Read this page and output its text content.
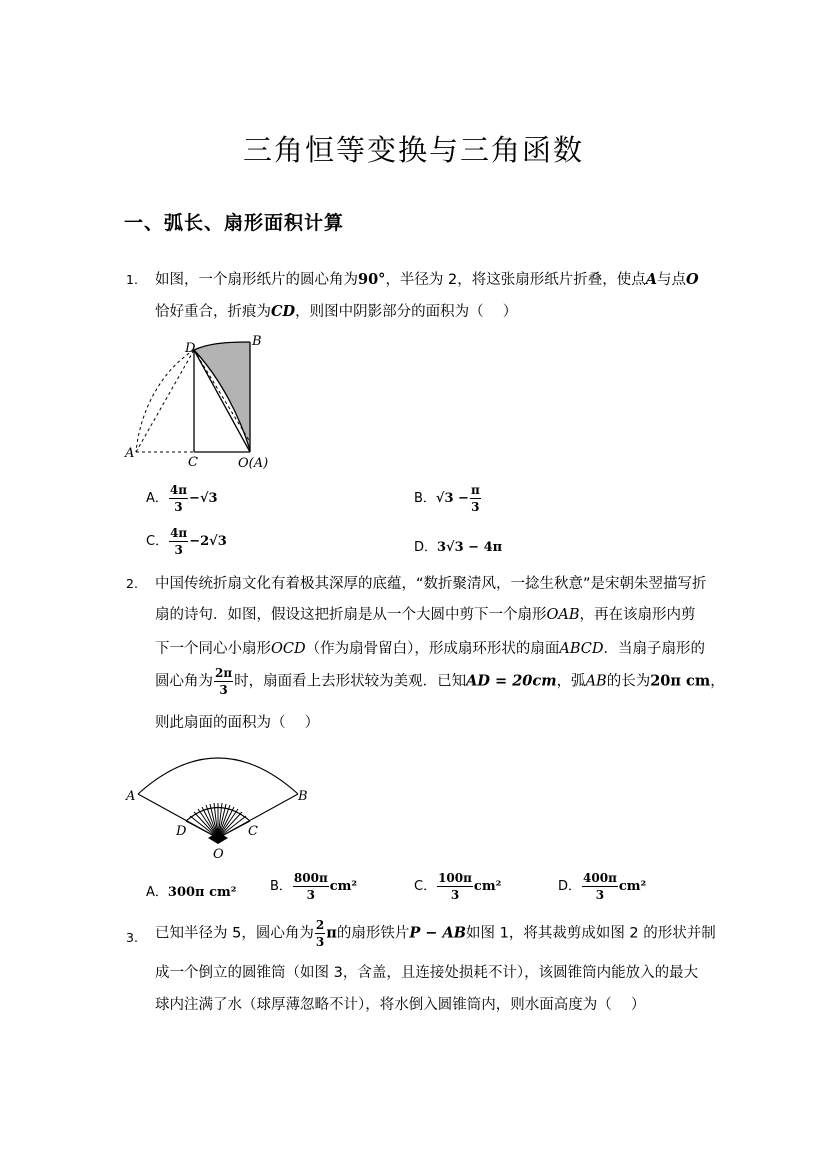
三角恒等变换与三角函数
一、弧长、扇形面积计算
1. 如图，一个扇形纸片的圆心角为90°，半径为 2，将这张扇形纸片折叠，使点A与点O
恰好重合，折痕为CD，则图中阴影部分的面积为（　 ）
D	B
A
C	O(A)
A． $\frac{4\pi}{3} -√3$	B．$√3 - \frac{\pi}{3}$
C． $\frac{4\pi}{3} -2√3$	D．3√3 − 4π
2. 中国传统折扇文化有着极其深厚的底蕴，“数折聚清风，一捻生秋意”是宋朝朱翌描写折
扇的诗句．如图，假设这把折扇是从一个大圆中剪下一个扇形OAB，再在该扇形内剪
下一个同心小扇形OCD（作为扇骨留白），形成扇环形状的扇面ABCD．当扇子扇形的
圆心角为 $\frac{2\pi}{3}$ 时，扇面看上去形状较为美观．已知AD = 20cm，弧AB的长为20π cm，
则此扇面的面积为（　 ）
A	B
D	C
O
A．300π cm²	B． $\frac{800\pi}{3} cm^2$	C． $\frac{100\pi}{3} cm^2$	D． $\frac{400\pi}{3} cm^2$
3. 已知半径为 5，圆心角为 $\frac{2}{3}$ π的扇形铁片P − AB如图 1，将其裁剪成如图 2 的形状并制
成一个倒立的圆锥筒（如图 3，含盖，且连接处损耗不计），该圆锥筒内能放入的最大
球内注满了水（球厚薄忽略不计），将水倒入圆锥筒内，则水面高度为（　 ）
